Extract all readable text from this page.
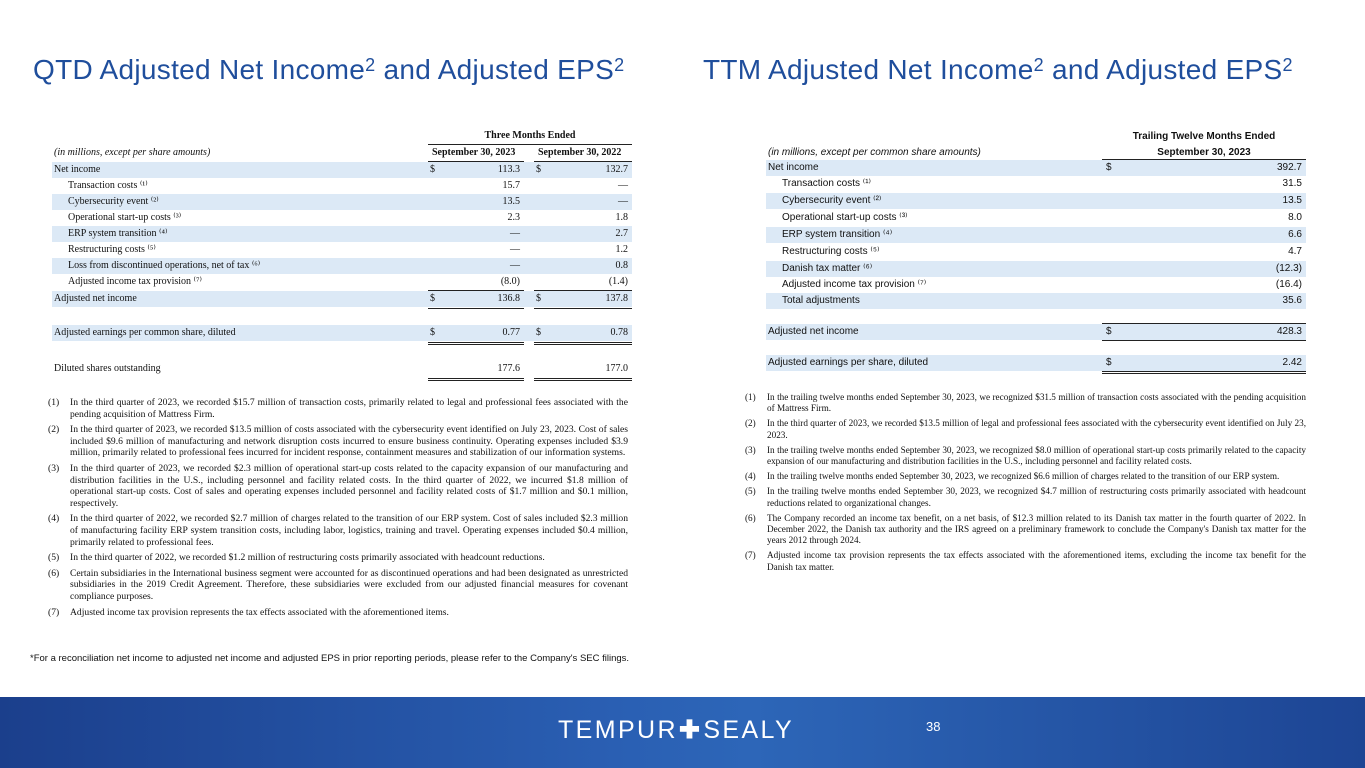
QTD Adjusted Net Income$^2$ and Adjusted EPS$^2$	TTM Adjusted Net Income$^2$ and Adjusted EPS$^2$
Three Months Ended
(in millions, except per share amounts)	September 30, 2023 September 30, 2022
Net income	$	113.3 $	132.7
Transaction costs ⁽¹⁾	15.7	—
Cybersecurity event ⁽²⁾	13.5	—
Operational start-up costs ⁽³⁾	2.3	1.8
ERP system transition ⁽⁴⁾	—	2.7
Restructuring costs ⁽⁵⁾	—	1.2
Loss from discontinued operations, net of tax ⁽⁶⁾	—	0.8
Adjusted income tax provision ⁽⁷⁾	(8.0)	(1.4)
Adjusted net income	$	136.8 $	137.8
Adjusted earnings per common share, diluted	$	0.77 $	0.78
Diluted shares outstanding	177.6	177.0
(1) In the third quarter of 2023, we recorded $15.7 million of transaction costs, primarily related to legal and professional fees associated with the pending acquisition of Mattress Firm.
(2) In the third quarter of 2023, we recorded $13.5 million of costs associated with the cybersecurity event identified on July 23, 2023. Cost of sales included $9.6 million of manufacturing and network disruption costs incurred to ensure business continuity. Operating expenses included $3.9 million, primarily related to professional fees incurred for incident response, containment measures and stabilization of our information systems.
(3) In the third quarter of 2023, we recorded $2.3 million of operational start-up costs related to the capacity expansion of our manufacturing and distribution facilities in the U.S., including personnel and facility related costs. In the third quarter of 2022, we incurred $1.8 million of operational start-up costs. Cost of sales and operating expenses included personnel and facility related costs of $1.7 million and $0.1 million, respectively.
(4) In the third quarter of 2022, we recorded $2.7 million of charges related to the transition of our ERP system. Cost of sales included $2.3 million of manufacturing facility ERP system transition costs, including labor, logistics, training and travel. Operating expenses included $0.4 million, primarily related to professional fees.
(5) In the third quarter of 2022, we recorded $1.2 million of restructuring costs primarily associated with headcount reductions.
(6) Certain subsidiaries in the International business segment were accounted for as discontinued operations and had been designated as unrestricted subsidiaries in the 2019 Credit Agreement. Therefore, these subsidiaries were excluded from our adjusted financial measures for covenant compliance purposes.
(7) Adjusted income tax provision represents the tax effects associated with the aforementioned items.
Trailing Twelve Months Ended
(in millions, except per common share amounts)	September 30, 2023
Net income	$	392.7
Transaction costs ⁽¹⁾	31.5
Cybersecurity event ⁽²⁾	13.5
Operational start-up costs ⁽³⁾	8.0
ERP system transition ⁽⁴⁾	6.6
Restructuring costs ⁽⁵⁾	4.7
Danish tax matter ⁽⁶⁾	(12.3)
Adjusted income tax provision ⁽⁷⁾	(16.4)
Total adjustments	35.6
Adjusted net income	$	428.3
Adjusted earnings per share, diluted	$	2.42
(1) In the trailing twelve months ended September 30, 2023, we recognized $31.5 million of transaction costs associated with the pending acquisition of Mattress Firm.
(2) In the third quarter of 2023, we recorded $13.5 million of legal and professional fees associated with the cybersecurity event identified on July 23, 2023.
(3) In the trailing twelve months ended September 30, 2023, we recognized $8.0 million of operational start-up costs primarily related to the capacity expansion of our manufacturing and distribution facilities in the U.S., including personnel and facility related costs.
(4) In the trailing twelve months ended September 30, 2023, we recognized $6.6 million of charges related to the transition of our ERP system.
(5) In the trailing twelve months ended September 30, 2023, we recognized $4.7 million of restructuring costs primarily associated with headcount reductions related to organizational changes.
(6) The Company recorded an income tax benefit, on a net basis, of $12.3 million related to its Danish tax matter in the fourth quarter of 2022. In December 2022, the Danish tax authority and the IRS agreed on a preliminary framework to conclude the Company's Danish tax matter for the years 2012 through 2024.
(7) Adjusted income tax provision represents the tax effects associated with the aforementioned items, excluding the income tax benefit for the Danish tax matter.
*For a reconciliation net income to adjusted net income and adjusted EPS in prior reporting periods, please refer to the Company's SEC filings.
TEMPUR✚SEALY	38
